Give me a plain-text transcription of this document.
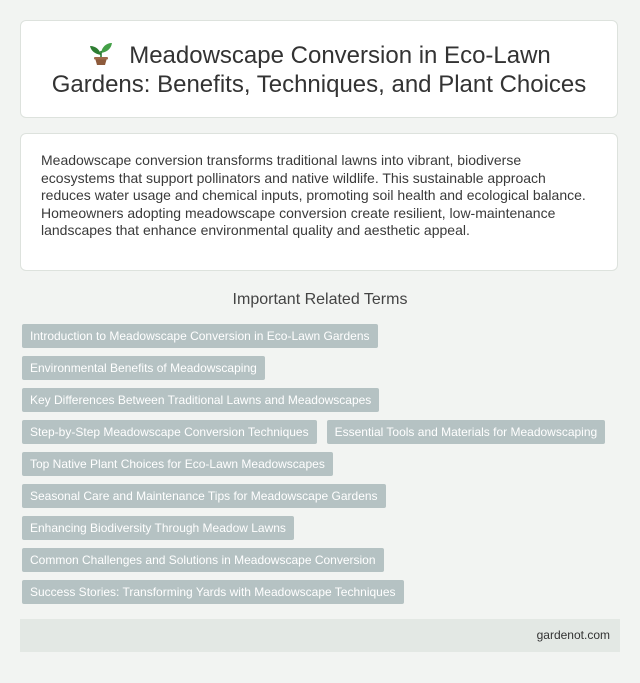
Meadowscape Conversion in Eco-Lawn Gardens: Benefits, Techniques, and Plant Choices

Meadowscape conversion transforms traditional lawns into vibrant, biodiverse ecosystems that support pollinators and native wildlife. This sustainable approach reduces water usage and chemical inputs, promoting soil health and ecological balance. Homeowners adopting meadowscape conversion create resilient, low-maintenance landscapes that enhance environmental quality and aesthetic appeal.

Important Related Terms
Introduction to Meadowscape Conversion in Eco-Lawn Gardens
Environmental Benefits of Meadowscaping
Key Differences Between Traditional Lawns and Meadowscapes
Step-by-Step Meadowscape Conversion Techniques	Essential Tools and Materials for Meadowscaping
Top Native Plant Choices for Eco-Lawn Meadowscapes
Seasonal Care and Maintenance Tips for Meadowscape Gardens
Enhancing Biodiversity Through Meadow Lawns
Common Challenges and Solutions in Meadowscape Conversion
Success Stories: Transforming Yards with Meadowscape Techniques
gardenot.com
